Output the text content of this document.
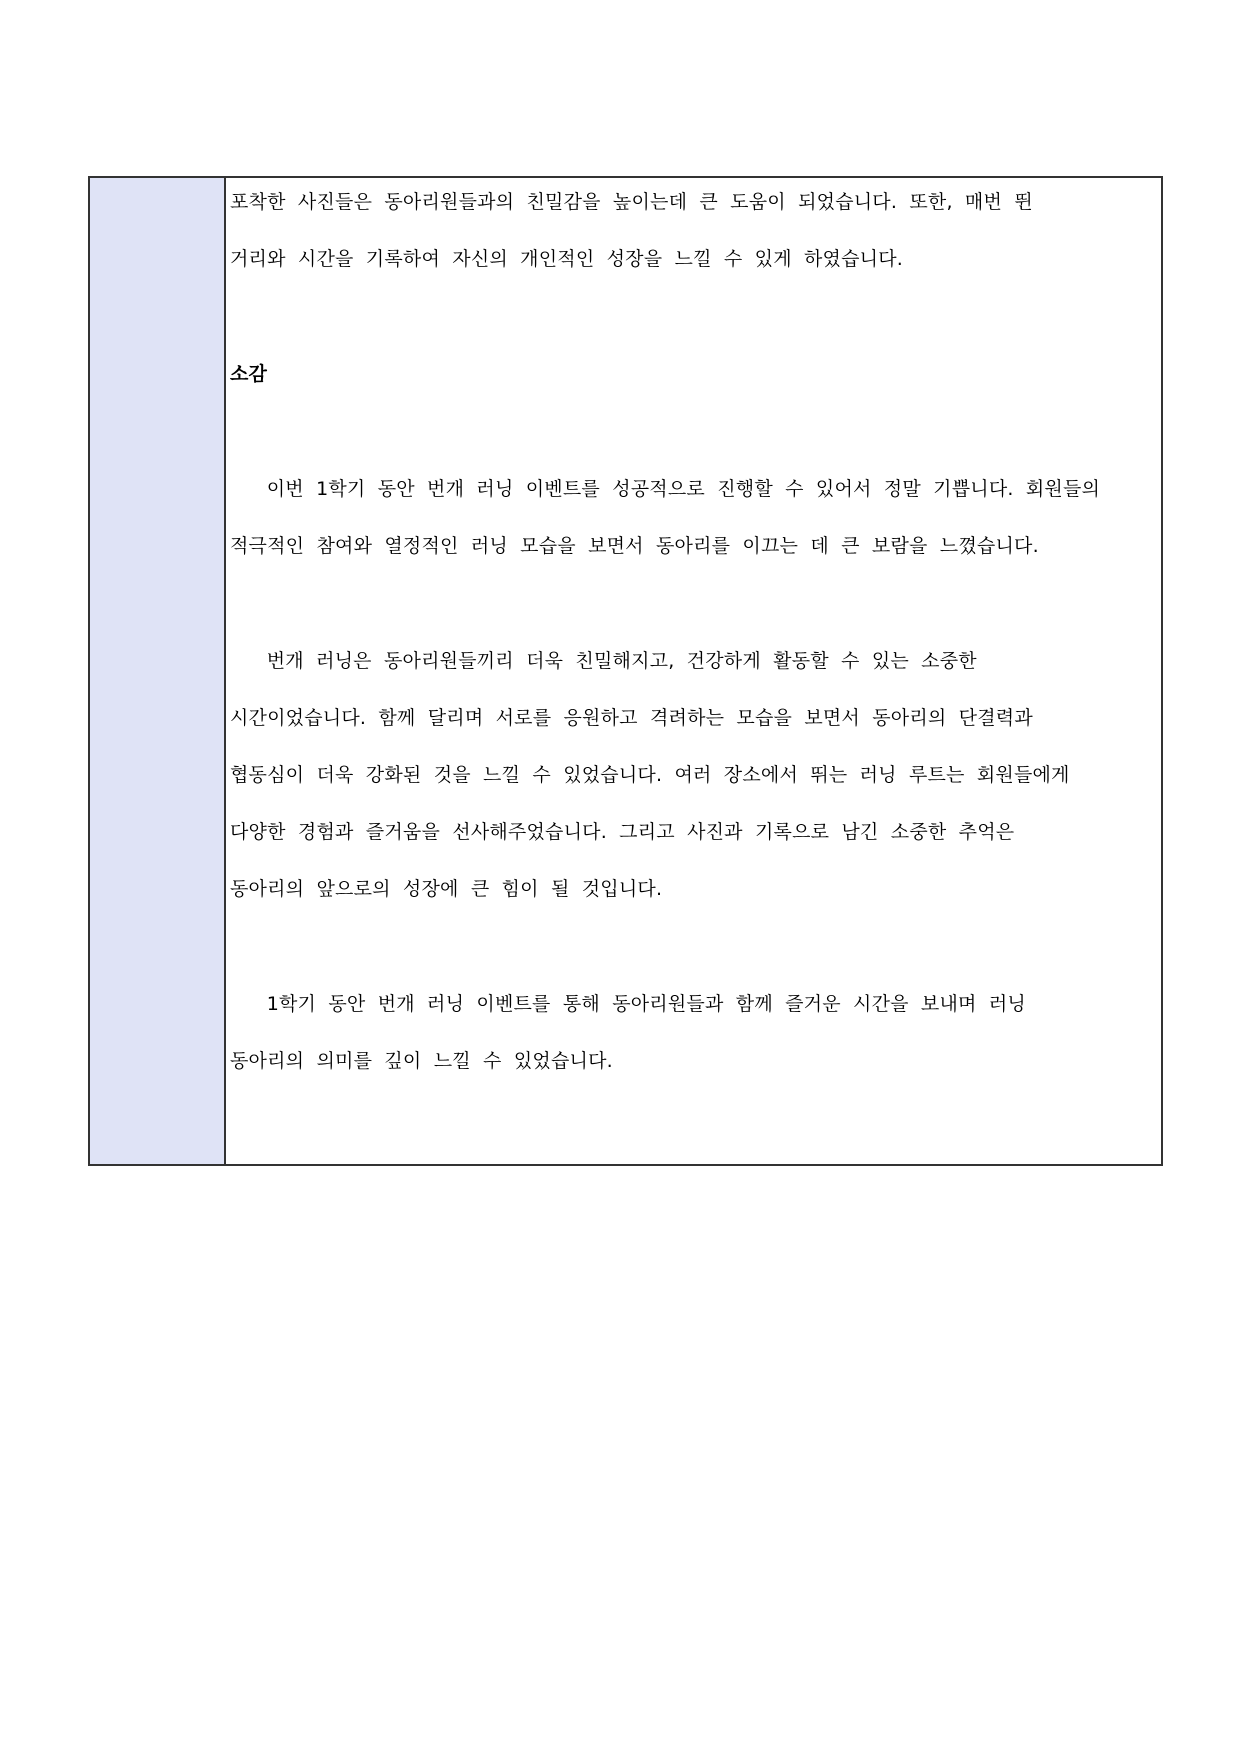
포착한 사진들은 동아리원들과의 친밀감을 높이는데 큰 도움이 되었습니다. 또한, 매번 뛴
거리와 시간을 기록하여 자신의 개인적인 성장을 느낄 수 있게 하였습니다.
소감
이번 1학기 동안 번개 러닝 이벤트를 성공적으로 진행할 수 있어서 정말 기쁩니다. 회원들의
적극적인 참여와 열정적인 러닝 모습을 보면서 동아리를 이끄는 데 큰 보람을 느꼈습니다.
번개 러닝은 동아리원들끼리 더욱 친밀해지고, 건강하게 활동할 수 있는 소중한
시간이었습니다. 함께 달리며 서로를 응원하고 격려하는 모습을 보면서 동아리의 단결력과
협동심이 더욱 강화된 것을 느낄 수 있었습니다. 여러 장소에서 뛰는 러닝 루트는 회원들에게
다양한 경험과 즐거움을 선사해주었습니다. 그리고 사진과 기록으로 남긴 소중한 추억은
동아리의 앞으로의 성장에 큰 힘이 될 것입니다.
1학기 동안 번개 러닝 이벤트를 통해 동아리원들과 함께 즐거운 시간을 보내며 러닝
동아리의 의미를 깊이 느낄 수 있었습니다.
